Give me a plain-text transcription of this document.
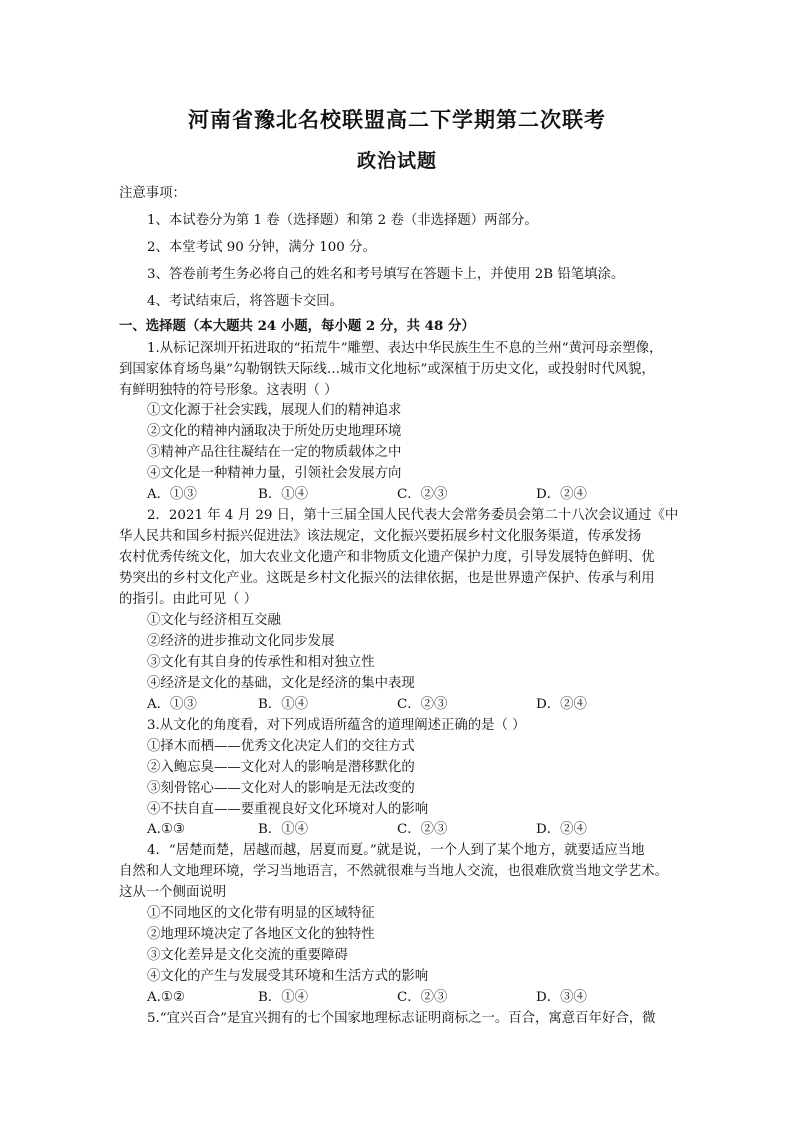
河南省豫北名校联盟高二下学期第二次联考
政治试题
注意事项：
1、本试卷分为第 1 卷（选择题）和第 2 卷（非选择题）两部分。
2、本堂考试 90 分钟，满分 100 分。
3、答卷前考生务必将自己的姓名和考号填写在答题卡上，并使用 2B 铅笔填涂。
4、考试结束后，将答题卡交回。
一、选择题（本大题共 24 小题，每小题 2 分，共 48 分）
1.从标记深圳开拓进取的“拓荒牛”雕塑、表达中华民族生生不息的兰州“黄河母亲塑像，
到国家体育场鸟巢”勾勒钢铁天际线…城市文化地标”或深植于历史文化，或投射时代风貌，
有鲜明独特的符号形象。这表明（ ）
①文化源于社会实践，展现人们的精神追求
②文化的精神内涵取决于所处历史地理环境
③精神产品往往凝结在一定的物质载体之中
④文化是一种精神力量，引领社会发展方向
A．①③	B．①④	C．②③	D．②④
2．2021 年 4 月 29 日，第十三届全国人民代表大会常务委员会第二十八次会议通过《中
华人民共和国乡村振兴促进法》该法规定，文化振兴要拓展乡村文化服务渠道，传承发扬
农村优秀传统文化，加大农业文化遗产和非物质文化遗产保护力度，引导发展特色鲜明、优
势突出的乡村文化产业。这既是乡村文化振兴的法律依据，也是世界遗产保护、传承与利用
的指引。由此可见（ ）
①文化与经济相互交融
②经济的进步推动文化同步发展
③文化有其自身的传承性和相对独立性
④经济是文化的基础，文化是经济的集中表现
A．①③	B．①④	C．②③	D．②④
3.从文化的角度看，对下列成语所蕴含的道理阐述正确的是（ ）
①择木而栖——优秀文化决定人们的交往方式
②入鲍忘臭——文化对人的影响是潜移默化的
③刻骨铭心——文化对人的影响是无法改变的
④不扶自直——要重视良好文化环境对人的影响
A.①③	B．①④	C．②③	D．②④
4．“居楚而楚，居越而越，居夏而夏。”就是说，一个人到了某个地方，就要适应当地
自然和人文地理环境，学习当地语言，不然就很难与当地人交流，也很难欣赏当地文学艺术。
这从一个侧面说明
①不同地区的文化带有明显的区域特征
②地理环境决定了各地区文化的独特性
③文化差异是文化交流的重要障碍
④文化的产生与发展受其环境和生活方式的影响
A.①②	B．①④	C．②③	D．③④
5.“宜兴百合”是宜兴拥有的七个国家地理标志证明商标之一。百合，寓意百年好合，微
